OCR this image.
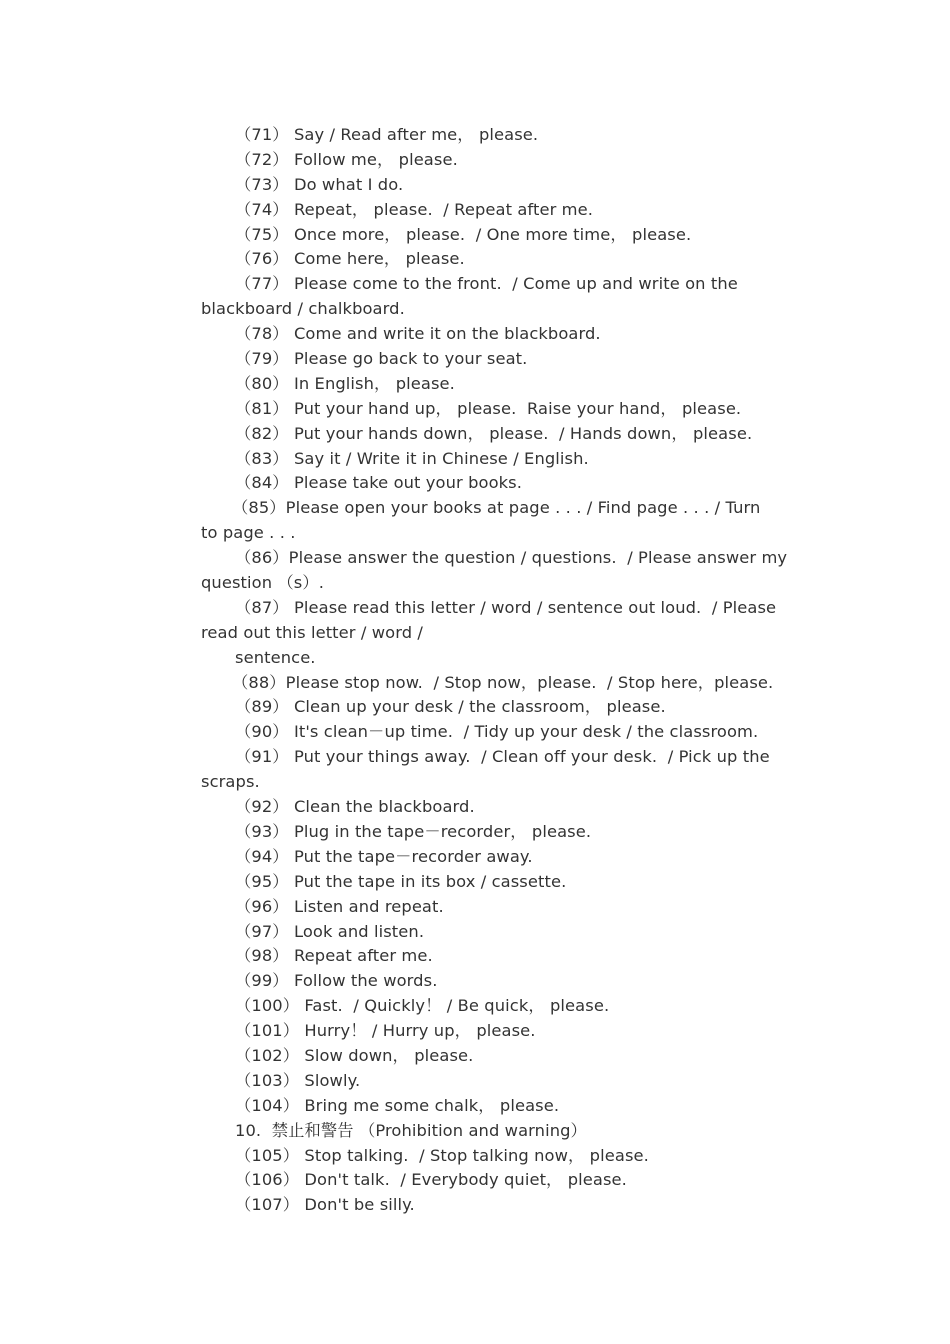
（71） Say / Read after me， please.
（72） Follow me， please.
（73） Do what I do.
（74） Repeat， please.  / Repeat after me.
（75） Once more， please.  / One more time， please.
（76） Come here， please.
（77） Please come to the front.  / Come up and write on the
blackboard / chalkboard.
（78） Come and write it on the blackboard.
（79） Please go back to your seat.
（80） In English， please.
（81） Put your hand up， please.  Raise your hand， please.
（82） Put your hands down， please.  / Hands down， please.
（83） Say it / Write it in Chinese / English.
（84） Please take out your books.
（85）Please open your books at page . . . / Find page . . . / Turn
to page . . .
（86）Please answer the question / questions.  / Please answer my
question （s）.
（87） Please read this letter / word / sentence out loud.  / Please
read out this letter / word /
sentence.
（88）Please stop now.  / Stop now，please.  / Stop here，please.
（89） Clean up your desk / the classroom， please.
（90） It's clean－up time.  / Tidy up your desk / the classroom.
（91） Put your things away.  / Clean off your desk.  / Pick up the
scraps.
（92） Clean the blackboard.
（93） Plug in the tape－recorder， please.
（94） Put the tape－recorder away.
（95） Put the tape in its box / cassette.
（96） Listen and repeat.
（97） Look and listen.
（98） Repeat after me.
（99） Follow the words.
（100） Fast.  / Quickly！ / Be quick， please.
（101） Hurry！ / Hurry up， please.
（102） Slow down， please.
（103） Slowly.
（104） Bring me some chalk， please.
10. 禁止和警告 （Prohibition and warning）
（105） Stop talking.  / Stop talking now， please.
（106） Don't talk.  / Everybody quiet， please.
（107） Don't be silly.
